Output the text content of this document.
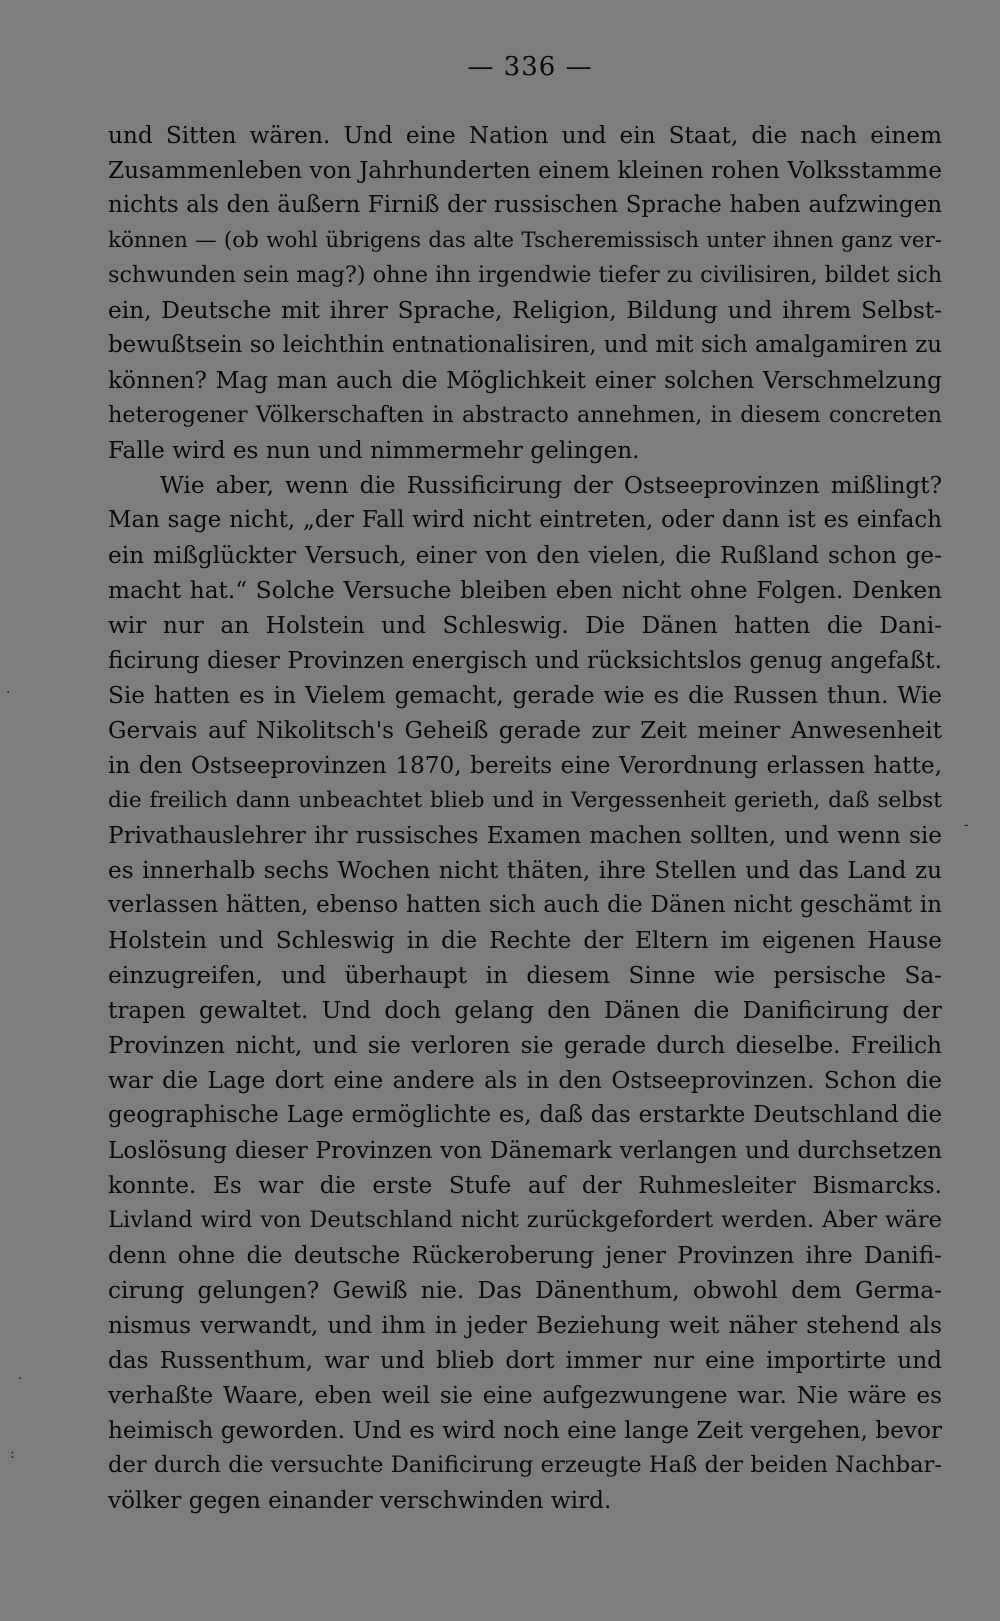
— 336 —
und Sitten wären. Und eine Nation und ein Staat, die nach einem
Zusammenleben von Jahrhunderten einem kleinen rohen Volksstamme
nichts als den äußern Firniß der russischen Sprache haben aufzwingen
können — (ob wohl übrigens das alte Tscheremissisch unter ihnen ganz ver-
schwunden sein mag?) ohne ihn irgendwie tiefer zu civilisiren, bildet sich
ein, Deutsche mit ihrer Sprache, Religion, Bildung und ihrem Selbst-
bewußtsein so leichthin entnationalisiren, und mit sich amalgamiren zu
können? Mag man auch die Möglichkeit einer solchen Verschmelzung
heterogener Völkerschaften in abstracto annehmen, in diesem concreten
Falle wird es nun und nimmermehr gelingen.
Wie aber, wenn die Russificirung der Ostseeprovinzen mißlingt?
Man sage nicht, „der Fall wird nicht eintreten, oder dann ist es einfach
ein mißglückter Versuch, einer von den vielen, die Rußland schon ge-
macht hat.“ Solche Versuche bleiben eben nicht ohne Folgen. Denken
wir nur an Holstein und Schleswig. Die Dänen hatten die Dani-
ficirung dieser Provinzen energisch und rücksichtslos genug angefaßt.
Sie hatten es in Vielem gemacht, gerade wie es die Russen thun. Wie
Gervais auf Nikolitsch's Geheiß gerade zur Zeit meiner Anwesenheit
in den Ostseeprovinzen 1870, bereits eine Verordnung erlassen hatte,
die freilich dann unbeachtet blieb und in Vergessenheit gerieth, daß selbst
Privathauslehrer ihr russisches Examen machen sollten, und wenn sie
es innerhalb sechs Wochen nicht thäten, ihre Stellen und das Land zu
verlassen hätten, ebenso hatten sich auch die Dänen nicht geschämt in
Holstein und Schleswig in die Rechte der Eltern im eigenen Hause
einzugreifen, und überhaupt in diesem Sinne wie persische Sa-
trapen gewaltet. Und doch gelang den Dänen die Danificirung der
Provinzen nicht, und sie verloren sie gerade durch dieselbe. Freilich
war die Lage dort eine andere als in den Ostseeprovinzen. Schon die
geographische Lage ermöglichte es, daß das erstarkte Deutschland die
Loslösung dieser Provinzen von Dänemark verlangen und durchsetzen
konnte. Es war die erste Stufe auf der Ruhmesleiter Bismarcks.
Livland wird von Deutschland nicht zurückgefordert werden. Aber wäre
denn ohne die deutsche Rückeroberung jener Provinzen ihre Danifi-
cirung gelungen? Gewiß nie. Das Dänenthum, obwohl dem Germa-
nismus verwandt, und ihm in jeder Beziehung weit näher stehend als
das Russenthum, war und blieb dort immer nur eine importirte und
verhaßte Waare, eben weil sie eine aufgezwungene war. Nie wäre es
heimisch geworden. Und es wird noch eine lange Zeit vergehen, bevor
der durch die versuchte Danificirung erzeugte Haß der beiden Nachbar-
völker gegen einander verschwinden wird.
·
-
·
:
